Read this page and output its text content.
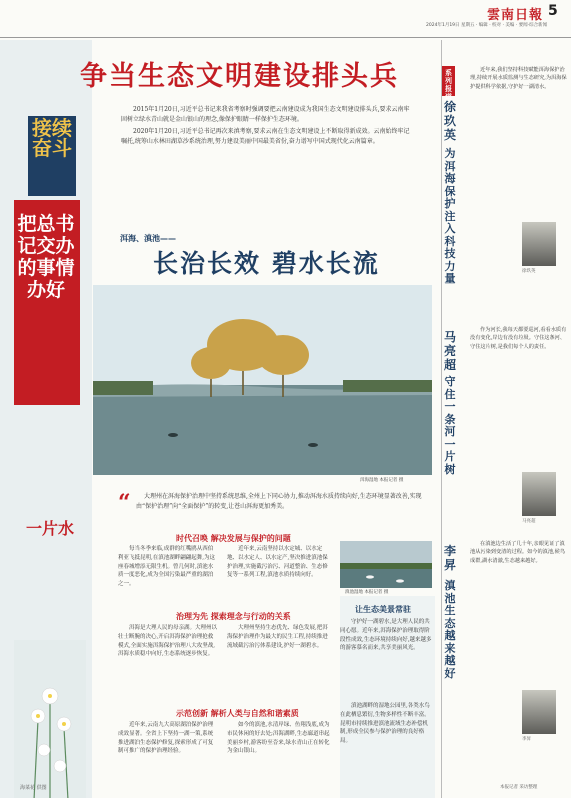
雲南日報 5
2024年1月19日 星期五 · 编辑 · 校对 · 美编 · 要闻·综合新闻
接续奋斗
把总书记交办的事情办好
一片水
海菜花 供图
争当生态文明建设排头兵

2015年1月20日,习近平总书记来我省考察时强调要把云南建设成为我国生态文明建设排头兵,要求云南牢固树立绿水青山就是金山银山的理念,像保护眼睛一样保护生态环境。

2020年1月20日,习近平总书记再次来滇考察,要求云南在生态文明建设上不断取得新成效。云南始终牢记嘱托,统筹山水林田湖草沙系统治理,努力建设美丽中国最美省份,奋力谱写中国式现代化云南篇章。

洱海、滇池——
长治长效 碧水长流
洱海湿地 本报记者 摄
“	大理州在洱海保护治理中坚持系统思维,全州上下同心协力,推动洱海水质持续向好,生态环境显著改善,实现由“保护治理”向“全面保护”的转变,让苍山洱海更加秀美。
时代召唤 解决发展与保护的问题
每当冬季来临,成群的红嘴鸥从西伯利亚飞抵昆明,在滇池湖畔翩翩起舞,为这座春城增添无限生机。曾几何时,滇池水质一度恶化,成为全国污染最严重的湖泊之一。
近年来,云南坚持以水定城、以水定地、以水定人、以水定产,坚决推进滇池保护治理,实施截污治污、河道整治、生态修复等一系列工程,滇池水质持续向好。
治理为先 探索理念与行动的关系
洱海是大理人民的母亲湖。大理州以壮士断腕的决心,开启洱海保护治理抢救模式,全面实施洱海保护治理八大攻坚战,洱海水质稳中向好,生态系统逐步恢复。
大理州坚持生态优先、绿色发展,把洱海保护治理作为最大的民生工程,持续推进流域截污治污体系建设,护好一湖碧水。
示范创新 解析人类与自然和谐素质
近年来,云南九大高原湖泊保护治理成效显著。全省上下坚持一湖一策,系统推进湖泊生态保护修复,探索形成了可复制可推广的保护治理经验。
如今的滇池,水清岸绿、鱼翔浅底,成为市民休闲的好去处;洱海湖畔,生态廊道串起美丽乡村,游客纷至沓来,绿水青山正在转化为金山银山。
滇池湿地 本报记者 摄
让生态美景常驻
守护好一湖碧水,是大理人民的共同心愿。近年来,洱海保护治理取得阶段性成效,生态环境持续向好,越来越多的游客慕名而来,共享美丽风光。
滇池湖畔的湿地公园里,各类水鸟在此栖息繁衍,生物多样性不断丰富。昆明市持续推进滇池流域生态补偿机制,形成全民参与保护治理的良好格局。
系列报道
徐玖英
为洱海保护注入科技力量
近年来,我们坚持科技赋能洱海保护治理,持续开展水质监测与生态研究,为洱海保护提供科学依据,守护好一湖清水。
徐玖英
马亮超
守住一条河一片树
作为河长,我每天都要巡河,看看水质有没有变化,岸边有没有垃圾。守住这条河、守住这片树,是我们每个人的责任。
马亮超
李昇
滇池生态越来越好
在滇池边生活了几十年,亲眼见证了滇池从污染到变清的过程。如今的滇池,候鸟成群,湖水清澈,生态越来越好。
李昇
本报记者 采访整理
